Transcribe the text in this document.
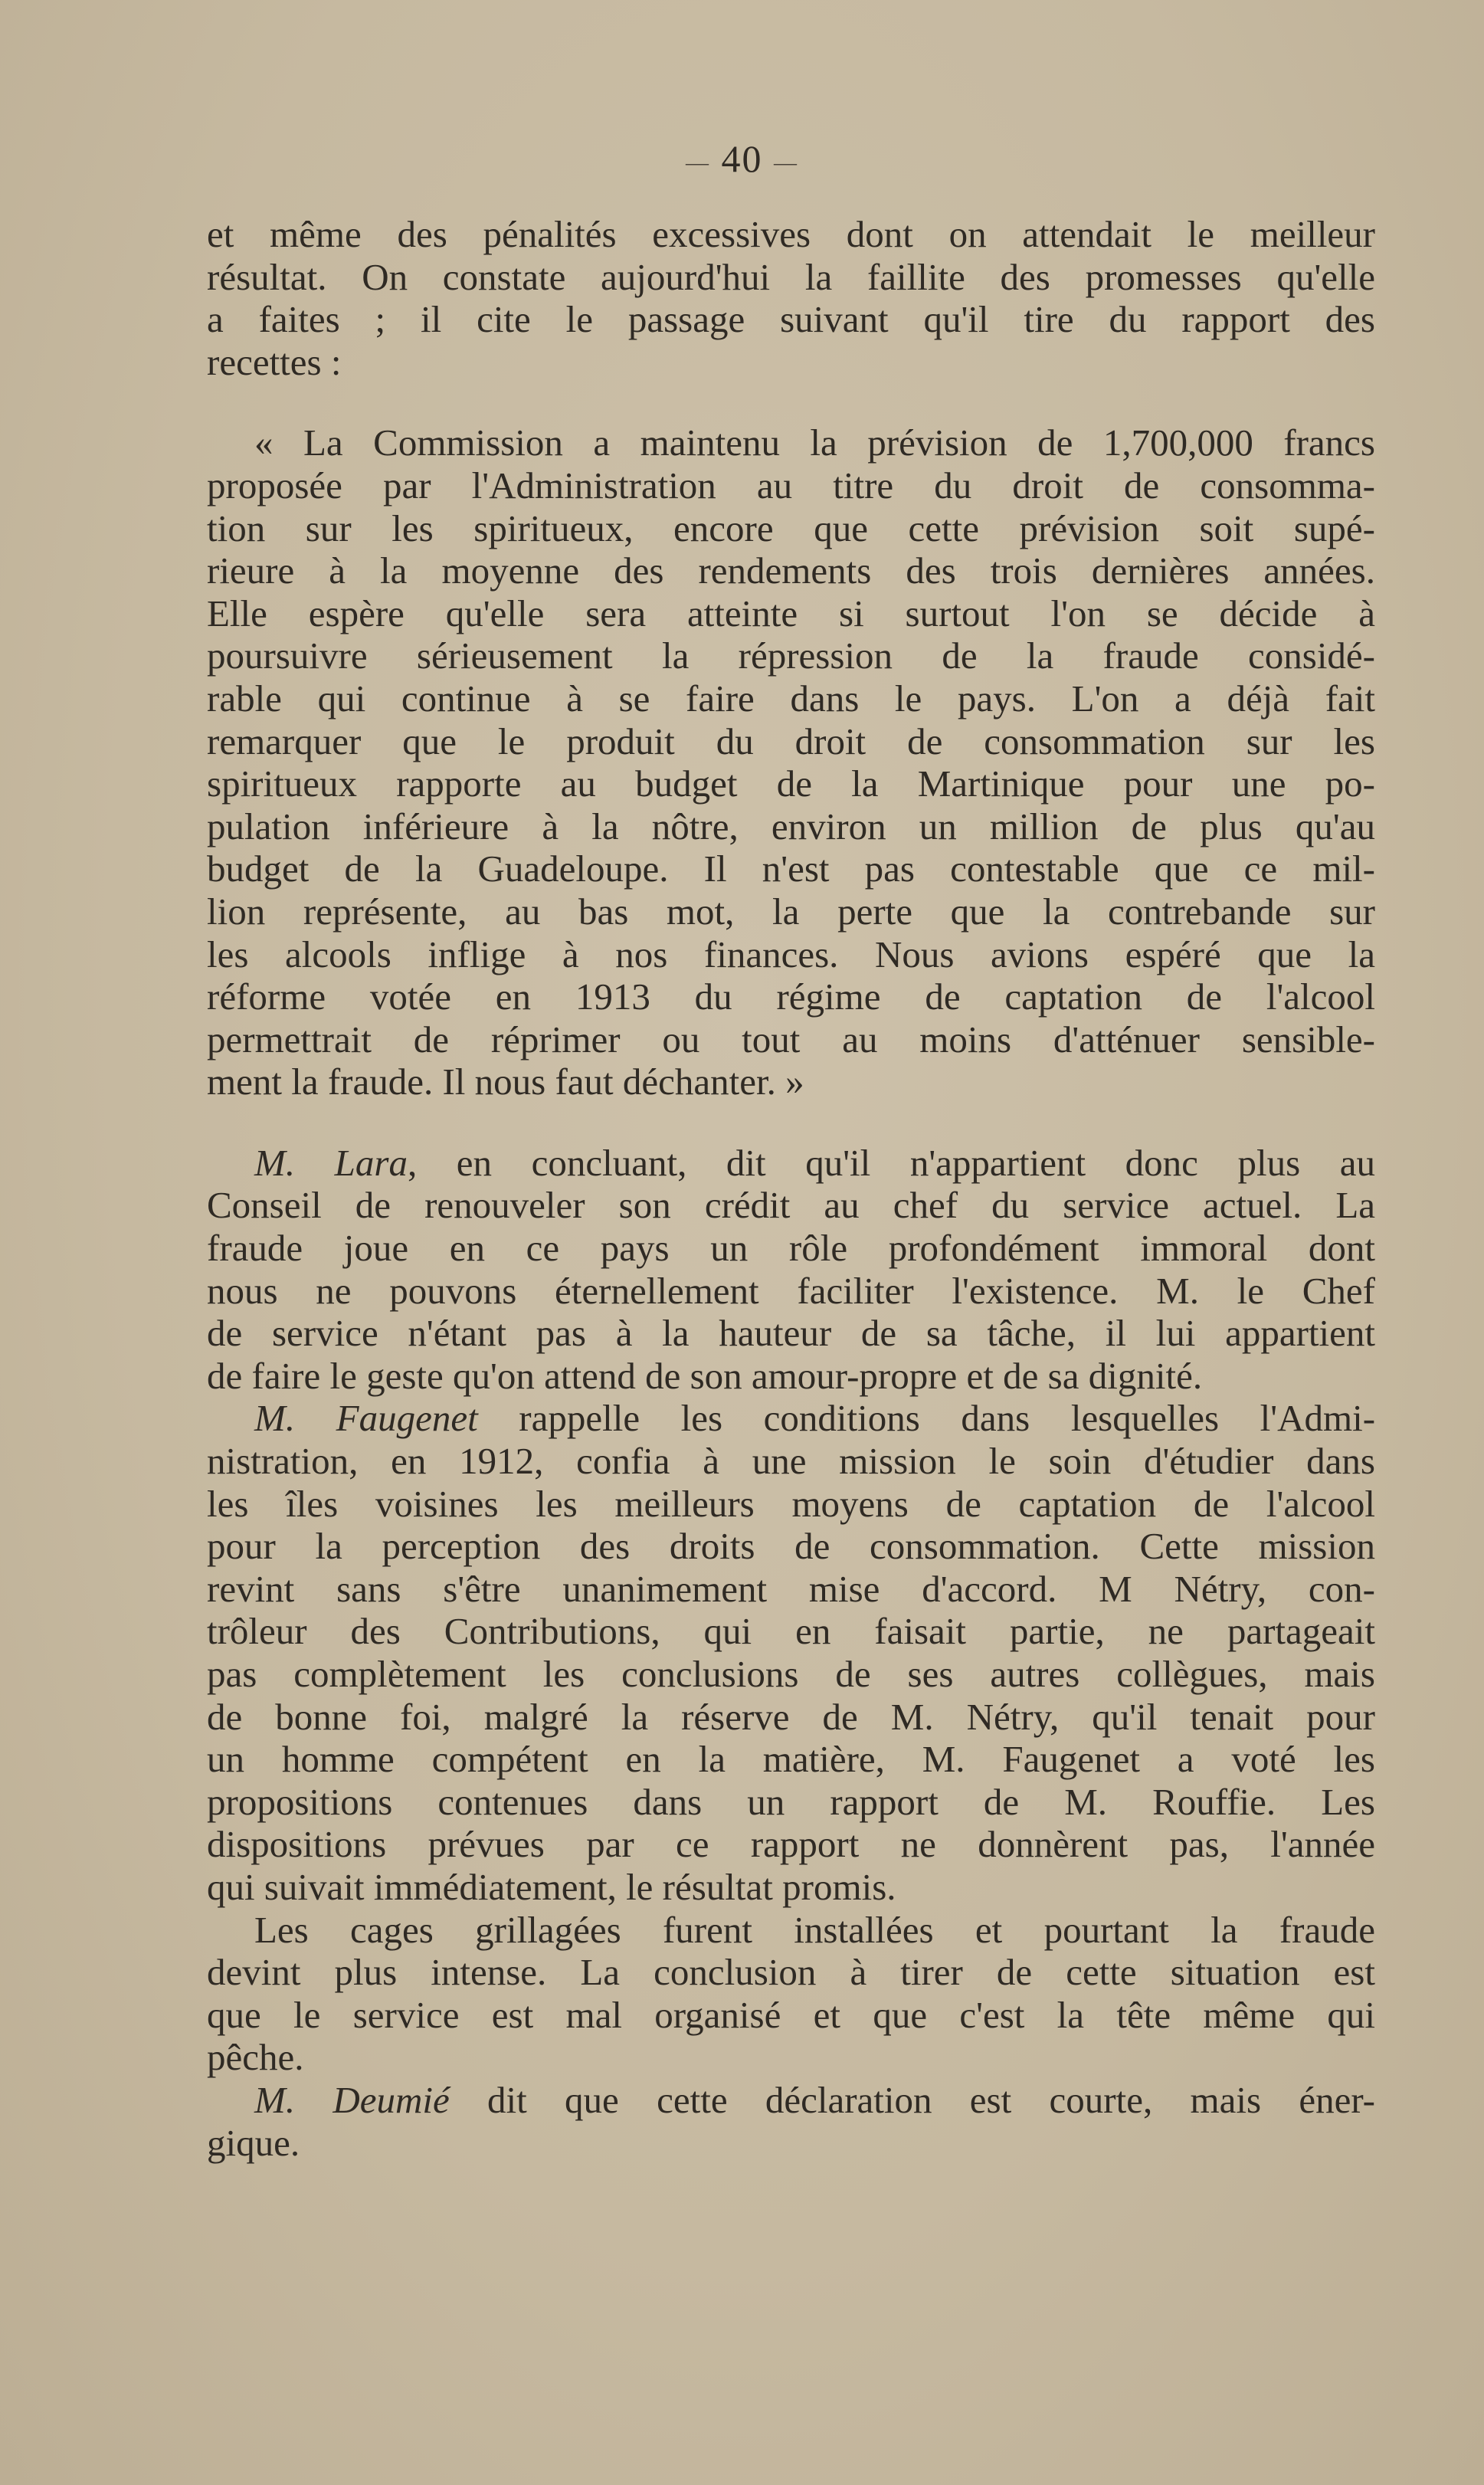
— 40 —
et même des pénalités excessives dont on attendait le meilleur
résultat. On constate aujourd'hui la faillite des promesses qu'elle
a faites ; il cite le passage suivant qu'il tire du rapport des
recettes :
« La Commission a maintenu la prévision de 1,700,000 francs
proposée par l'Administration au titre du droit de consomma-
tion sur les spiritueux, encore que cette prévision soit supé-
rieure à la moyenne des rendements des trois dernières années.
Elle espère qu'elle sera atteinte si surtout l'on se décide à
poursuivre sérieusement la répression de la fraude considé-
rable qui continue à se faire dans le pays. L'on a déjà fait
remarquer que le produit du droit de consommation sur les
spiritueux rapporte au budget de la Martinique pour une po-
pulation inférieure à la nôtre, environ un million de plus qu'au
budget de la Guadeloupe. Il n'est pas contestable que ce mil-
lion représente, au bas mot, la perte que la contrebande sur
les alcools inflige à nos finances. Nous avions espéré que la
réforme votée en 1913 du régime de captation de l'alcool
permettrait de réprimer ou tout au moins d'atténuer sensible-
ment la fraude. Il nous faut déchanter. »
M. Lara, en concluant, dit qu'il n'appartient donc plus au
Conseil de renouveler son crédit au chef du service actuel. La
fraude joue en ce pays un rôle profondément immoral dont
nous ne pouvons éternellement faciliter l'existence. M. le Chef
de service n'étant pas à la hauteur de sa tâche, il lui appartient
de faire le geste qu'on attend de son amour-propre et de sa dignité.
M. Faugenet rappelle les conditions dans lesquelles l'Admi-
nistration, en 1912, confia à une mission le soin d'étudier dans
les îles voisines les meilleurs moyens de captation de l'alcool
pour la perception des droits de consommation. Cette mission
revint sans s'être unanimement mise d'accord. M Nétry, con-
trôleur des Contributions, qui en faisait partie, ne partageait
pas complètement les conclusions de ses autres collègues, mais
de bonne foi, malgré la réserve de M. Nétry, qu'il tenait pour
un homme compétent en la matière, M. Faugenet a voté les
propositions contenues dans un rapport de M. Rouffie. Les
dispositions prévues par ce rapport ne donnèrent pas, l'année
qui suivait immédiatement, le résultat promis.
Les cages grillagées furent installées et pourtant la fraude
devint plus intense. La conclusion à tirer de cette situation est
que le service est mal organisé et que c'est la tête même qui
pêche.
M. Deumié dit que cette déclaration est courte, mais éner-
gique.
